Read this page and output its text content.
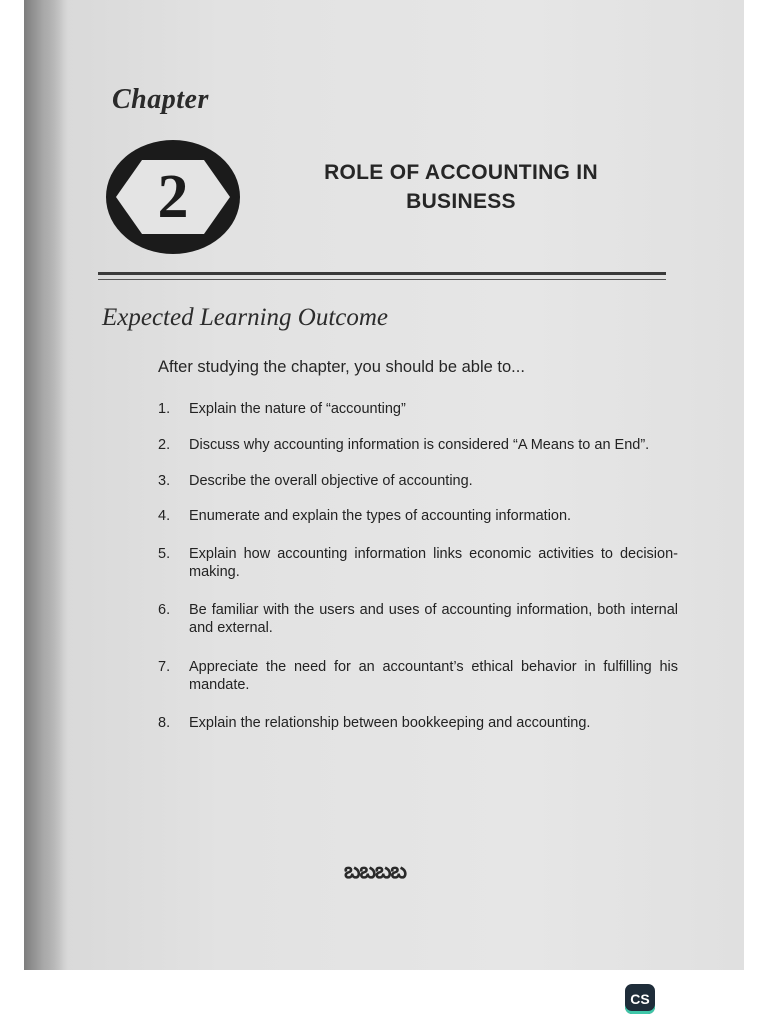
Chapter
2	ROLE OF ACCOUNTING IN
BUSINESS
Expected Learning Outcome
After studying the chapter, you should be able to...
1.	Explain the nature of “accounting”
2.	Discuss why accounting information is considered “A Means to an End”.
3.	Describe the overall objective of accounting.
4.	Enumerate and explain the types of accounting information.
5.	Explain how accounting information links economic activities to decision-making.
6.	Be familiar with the users and uses of accounting information, both internal and external.
7.	Appreciate the need for an accountant’s ethical behavior in fulfilling his mandate.
8.	Explain the relationship between bookkeeping and accounting.
బబబబ
CS
